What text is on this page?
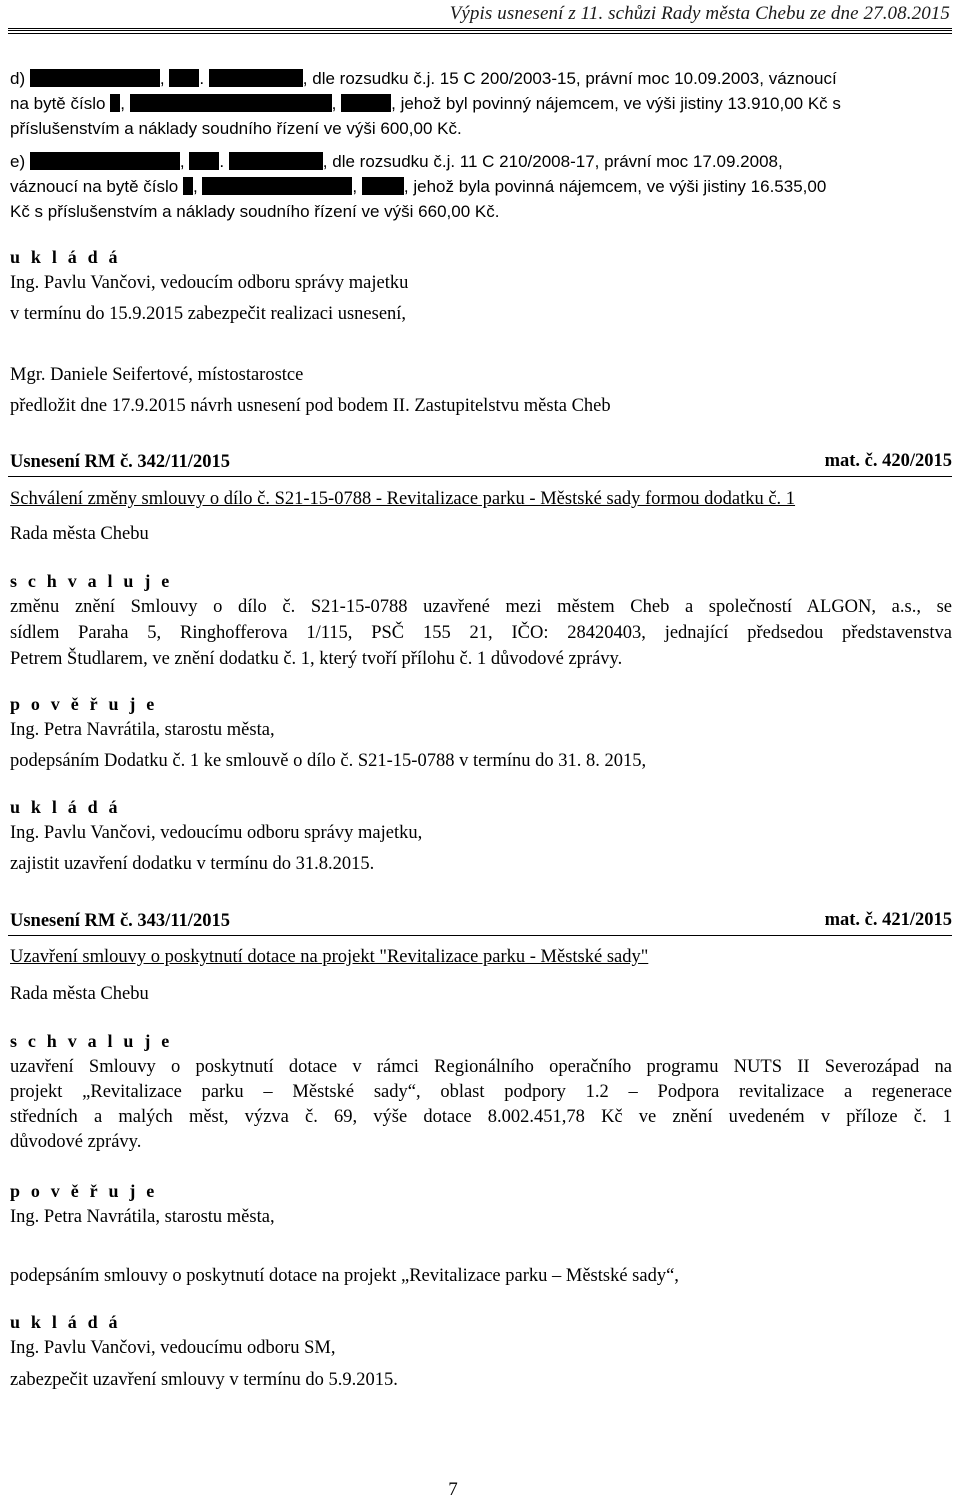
Výpis usnesení z 11. schůzi Rady města Chebu ze dne 27.08.2015
d)	, .	, dle rozsudku č.j. 15 C 200/2003-15, právní moc 10.09.2003, váznoucí
na bytě číslo ,	,	, jehož byl povinný nájemcem, ve výši jistiny 13.910,00 Kč s
příslušenstvím a náklady soudního řízení ve výši 600,00 Kč.
e)	, .	, dle rozsudku č.j. 11 C 210/2008-17, právní moc 17.09.2008,
váznoucí na bytě číslo ,	,	, jehož byla povinná nájemcem, ve výši jistiny 16.535,00
Kč s příslušenstvím a náklady soudního řízení ve výši 660,00 Kč.
u k l á d á
Ing. Pavlu Vančovi, vedoucím odboru správy majetku
v termínu do 15.9.2015 zabezpečit realizaci usnesení,
Mgr. Daniele Seifertové, místostarostce
předložit dne 17.9.2015 návrh usnesení pod bodem II. Zastupitelstvu města Cheb
Usnesení RM č. 342/11/2015	mat. č. 420/2015
Schválení změny smlouvy o dílo č. S21-15-0788 - Revitalizace parku - Městské sady formou dodatku č. 1
Rada města Chebu
s c h v a l u j e
změnu znění Smlouvy o dílo č. S21-15-0788 uzavřené mezi městem Cheb a společností ALGON, a.s., se
sídlem Paraha 5, Ringhofferova 1/115, PSČ 155 21, IČO: 28420403, jednající předsedou představenstva
Petrem Študlarem, ve znění dodatku č. 1, který tvoří přílohu č. 1 důvodové zprávy.
p o v ě ř u j e
Ing. Petra Navrátila, starostu města,
podepsáním Dodatku č. 1 ke smlouvě o dílo č. S21-15-0788 v termínu do 31. 8. 2015,
u k l á d á
Ing. Pavlu Vančovi, vedoucímu odboru správy majetku,
zajistit uzavření dodatku v termínu do 31.8.2015.
Usnesení RM č. 343/11/2015	mat. č. 421/2015
Uzavření smlouvy o poskytnutí dotace na projekt "Revitalizace parku - Městské sady"
Rada města Chebu
s c h v a l u j e
uzavření Smlouvy o poskytnutí dotace v rámci Regionálního operačního programu NUTS II Severozápad na
projekt „Revitalizace parku – Městské sady“, oblast podpory 1.2 – Podpora revitalizace a regenerace
středních a malých měst, výzva č. 69, výše dotace 8.002.451,78 Kč ve znění uvedeném v příloze č. 1
důvodové zprávy.
p o v ě ř u j e
Ing. Petra Navrátila, starostu města,
podepsáním smlouvy o poskytnutí dotace na projekt „Revitalizace parku – Městské sady“,
u k l á d á
Ing. Pavlu Vančovi, vedoucímu odboru SM,
zabezpečit uzavření smlouvy v termínu do 5.9.2015.
7
